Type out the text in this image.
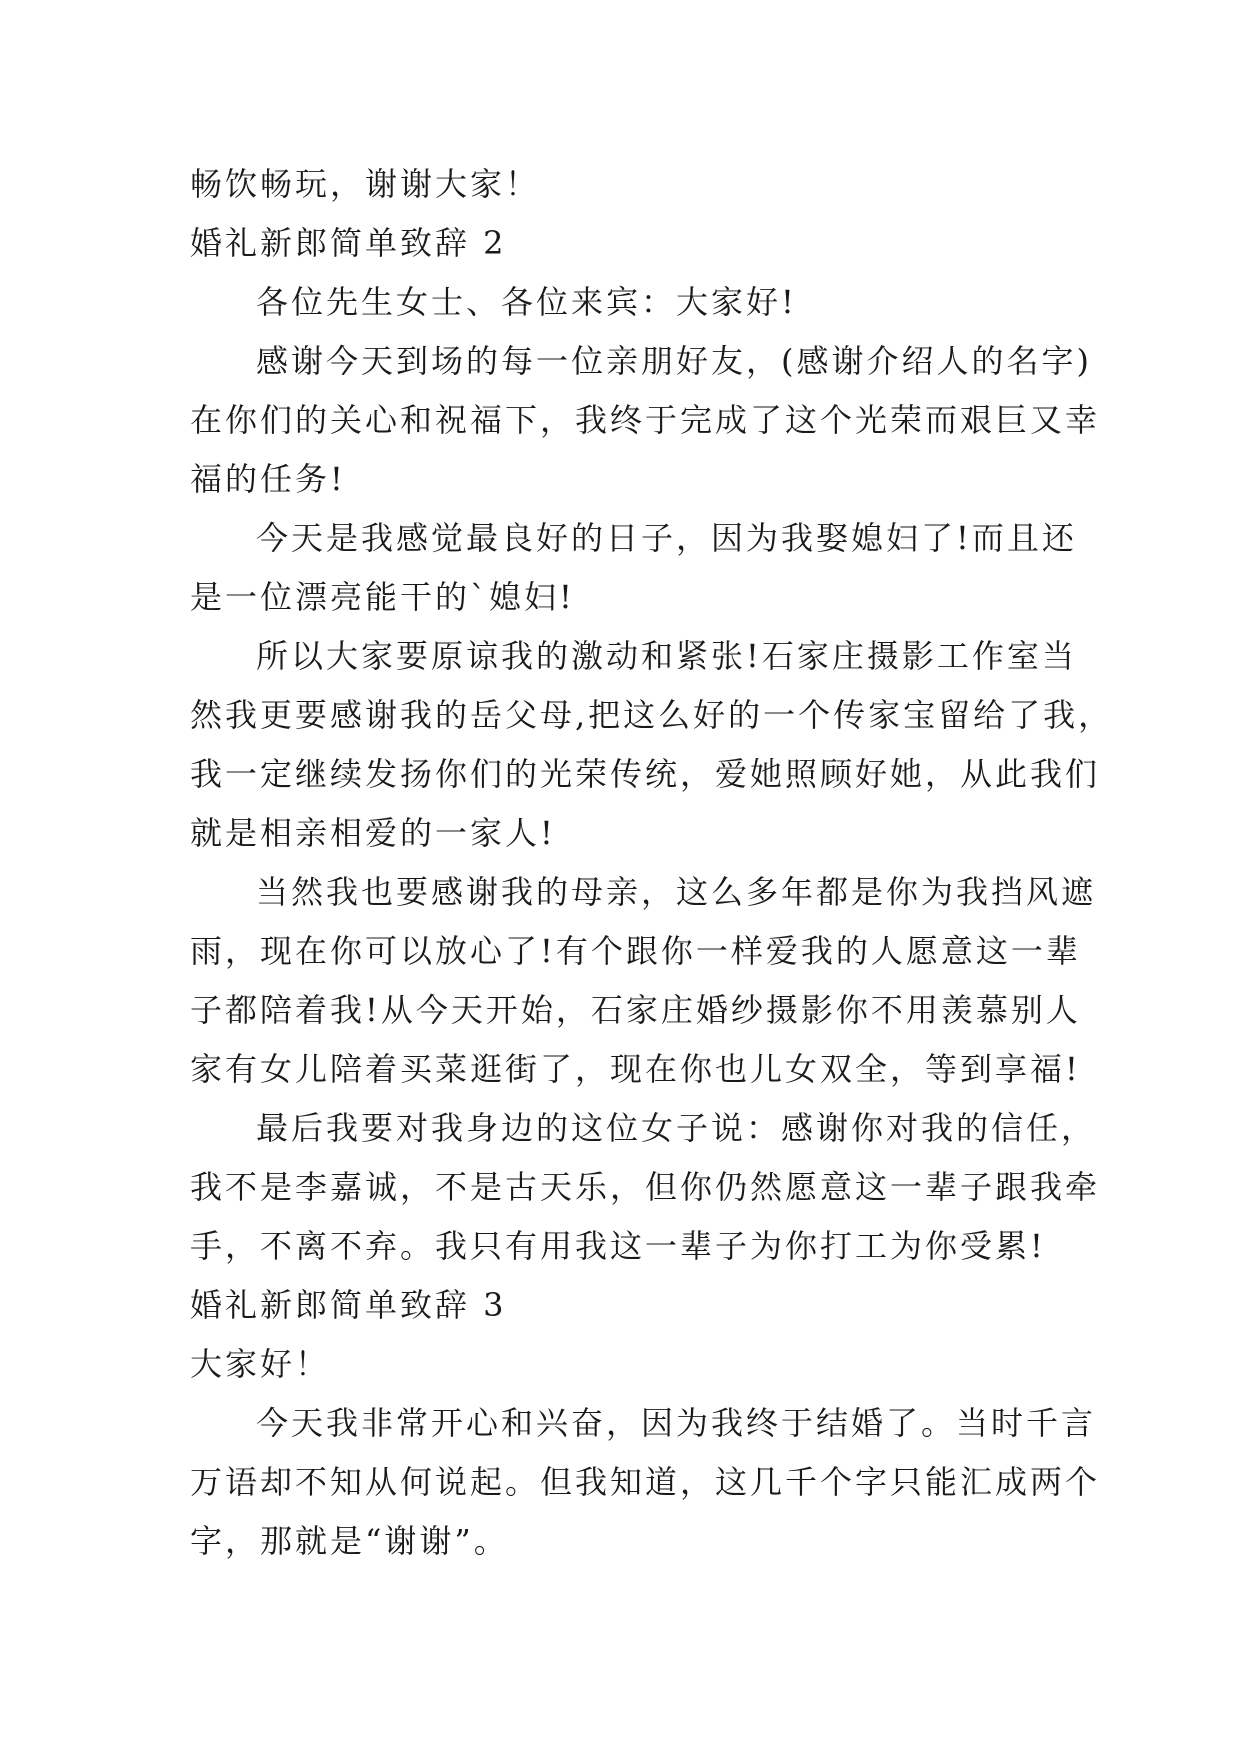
畅饮畅玩，谢谢大家！
婚礼新郎简单致辞 2
各位先生女士、各位来宾：大家好!
感谢今天到场的每一位亲朋好友，(感谢介绍人的名字)
在你们的关心和祝福下，我终于完成了这个光荣而艰巨又幸
福的任务!
今天是我感觉最良好的日子，因为我娶媳妇了!而且还
是一位漂亮能干的`媳妇!
所以大家要原谅我的激动和紧张!石家庄摄影工作室当
然我更要感谢我的岳父母,把这么好的一个传家宝留给了我，
我一定继续发扬你们的光荣传统，爱她照顾好她，从此我们
就是相亲相爱的一家人!
当然我也要感谢我的母亲，这么多年都是你为我挡风遮
雨，现在你可以放心了!有个跟你一样爱我的人愿意这一辈
子都陪着我!从今天开始，石家庄婚纱摄影你不用羡慕别人
家有女儿陪着买菜逛街了，现在你也儿女双全，等到享福!
最后我要对我身边的这位女子说：感谢你对我的信任，
我不是李嘉诚，不是古天乐，但你仍然愿意这一辈子跟我牵
手，不离不弃。我只有用我这一辈子为你打工为你受累!
婚礼新郎简单致辞 3
大家好！
今天我非常开心和兴奋，因为我终于结婚了。当时千言
万语却不知从何说起。但我知道，这几千个字只能汇成两个
字，那就是“谢谢”。
